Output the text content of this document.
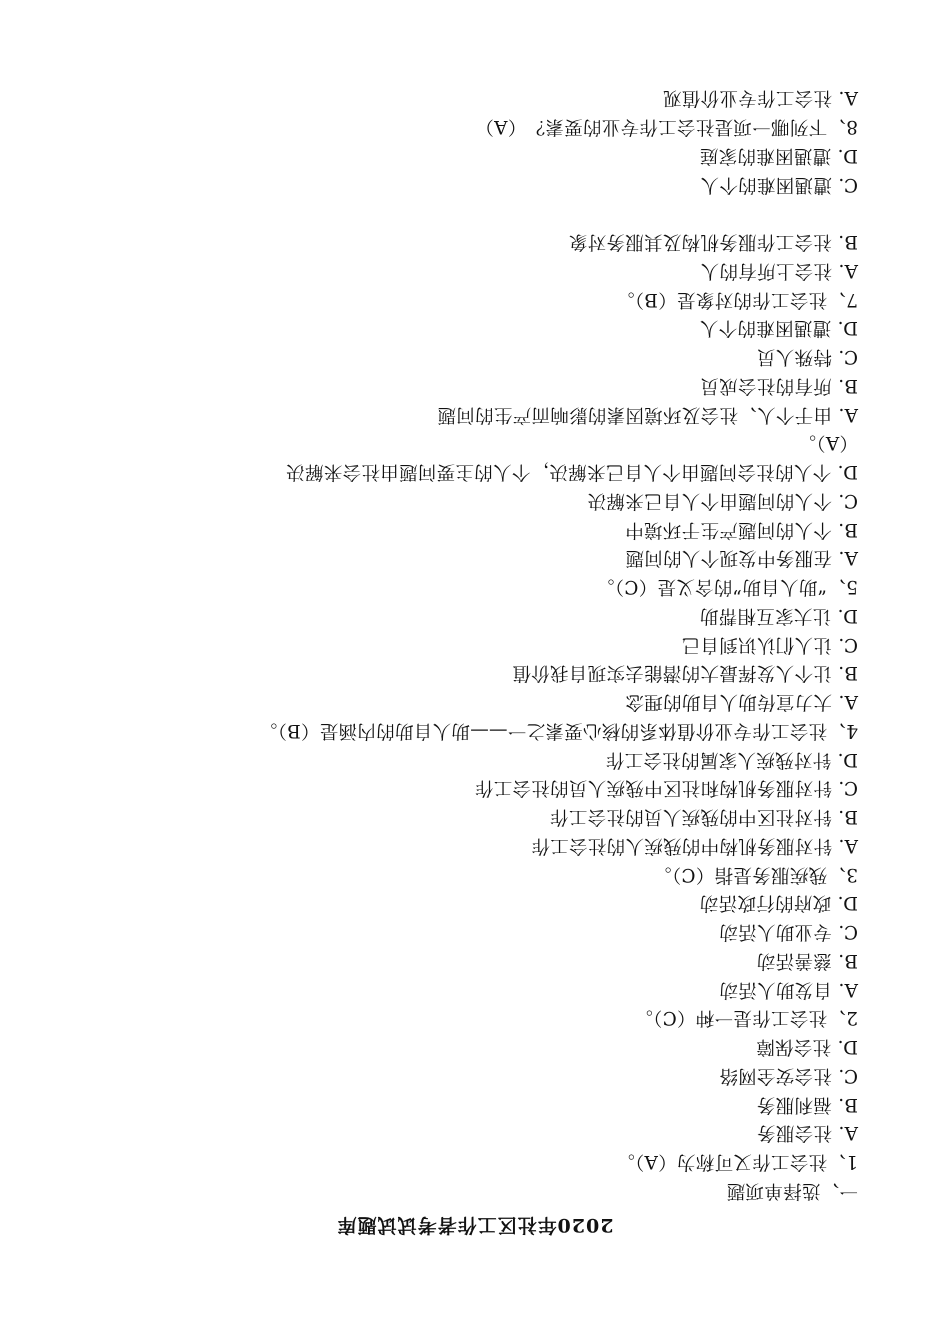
2020年社区工作者考试试题库
一、选择单项题
1、社会工作又可称为（A）。
A. 社会服务
B. 福利服务
C. 社会安全网络
D. 社会保障
2、社会工作是一种（C）。
A. 自发助人活动
B. 慈善活动
C. 专业助人活动
D. 政府的行政活动
3、残疾服务是指（C）。
A. 针对服务机构中的残疾人的社会工作
B. 针对社区中的残疾人员的社会工作
C. 针对服务机构和社区中残疾人员的社会工作
D. 针对残疾人家属的社会工作
4、社会工作专业价值体系的核心要素之一——助人自助的内涵是（B）。
A. 大力宣传助人自助的理念
B. 让个人发挥最大的潜能去实现自我价值
C. 让人们认识到自己
D. 让大家互相帮助
5、“助人自助”的含义是（C）。
A. 在服务中发现个人的问题
B. 个人的问题产生于环境中
C. 个人的问题由个人自己来解决
D. 个人的社会问题由个人自己来解决，个人的主要问题由社会来解决
（A）。
A. 由于个人、社会及环境因素的影响而产生的问题
B. 所有的社会成员
C. 特殊人员
D. 遭遇困难的个人
7、社会工作的对象是（B）。
A. 社会上所有的人
B. 社会工作服务机构及其服务对象
C. 遭遇困难的个人
D. 遭遇困难的家庭
8、下列哪一项是社会工作专业的要素？（A）
A. 社会工作专业价值观
